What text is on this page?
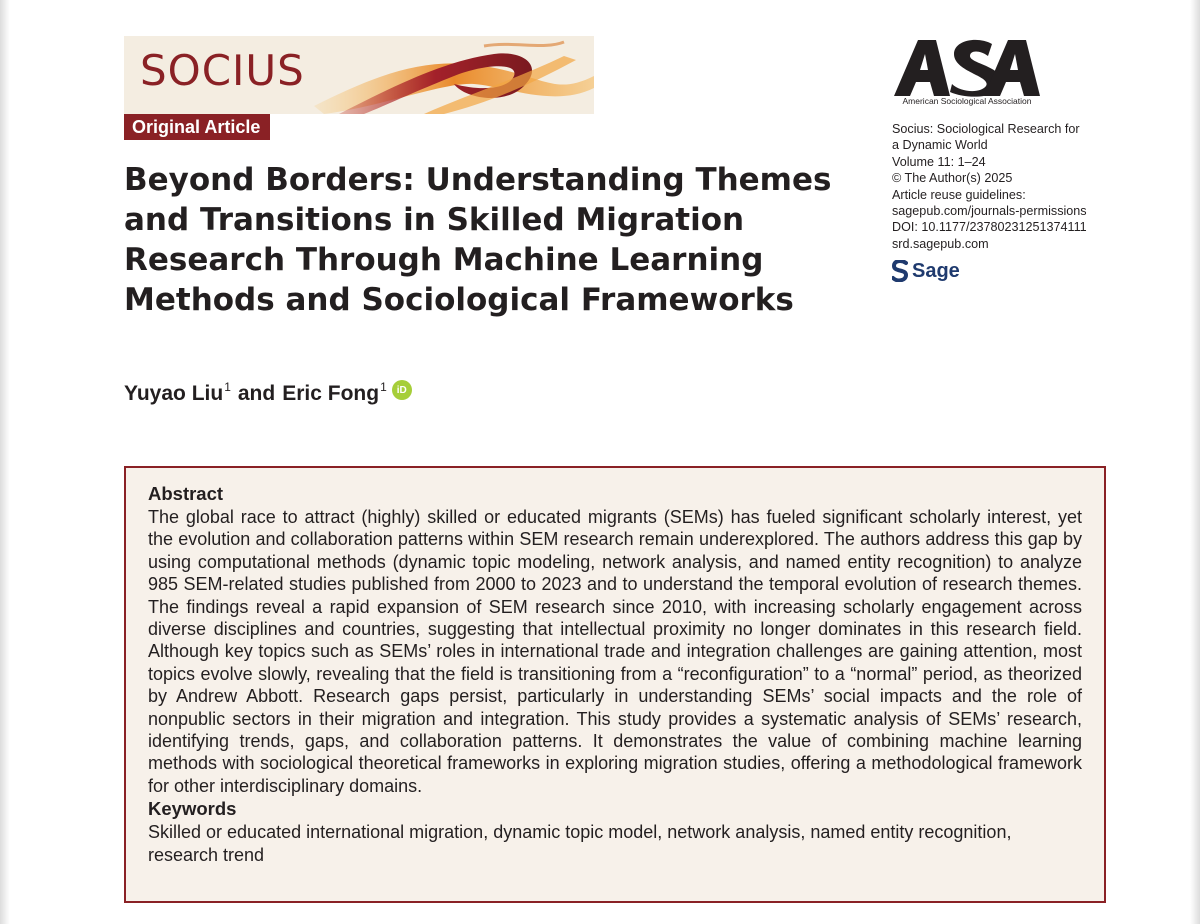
SOCIUS
Original Article
American Sociological Association
Socius: Sociological Research for
a Dynamic World
Volume 11: 1–24
© The Author(s) 2025
Article reuse guidelines:
sagepub.com/journals-permissions
DOI: 10.1177/23780231251374111
srd.sagepub.com
Sage
Beyond Borders: Understanding Themes
and Transitions in Skilled Migration
Research Through Machine Learning
Methods and Sociological Frameworks
Yuyao Liu$^1$ and Eric Fong$^1$	iD
Abstract

The global race to attract (highly) skilled or educated migrants (SEMs) has fueled significant scholarly interest, yet the evolution and collaboration patterns within SEM research remain underexplored. The authors address this gap by using computational methods (dynamic topic modeling, network analysis, and named entity recognition) to analyze 985 SEM-related studies published from 2000 to 2023 and to understand the temporal evolution of research themes. The findings reveal a rapid expansion of SEM research since 2010, with increasing scholarly engagement across diverse disciplines and countries, suggesting that intellectual proximity no longer dominates in this research field. Although key topics such as SEMs’ roles in international trade and integration challenges are gaining attention, most topics evolve slowly, revealing that the field is transitioning from a “reconfiguration” to a “normal” period, as theorized by Andrew Abbott. Research gaps persist, particularly in understanding SEMs’ social impacts and the role of nonpublic sectors in their migration and integration. This study provides a systematic analysis of SEMs’ research, identifying trends, gaps, and collaboration patterns. It demonstrates the value of combining machine learning methods with sociological theoretical frameworks in exploring migration studies, offering a methodological framework for other interdisciplinary domains.

Keywords

Skilled or educated international migration, dynamic topic model, network analysis, named entity recognition, research trend
